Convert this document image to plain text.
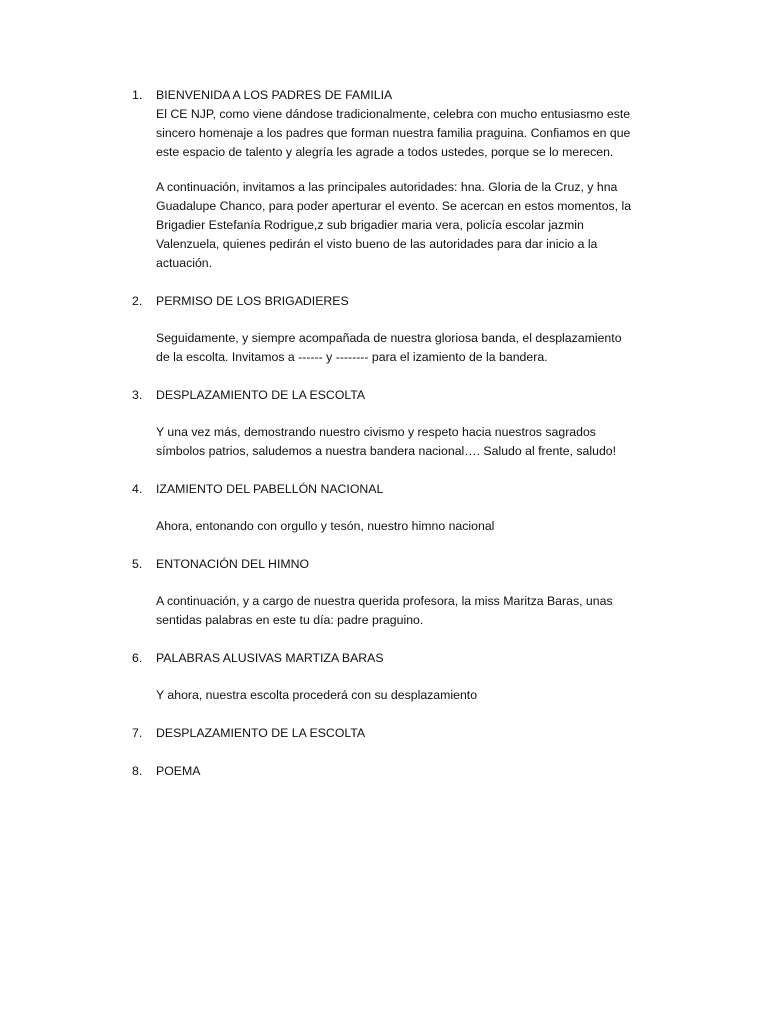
1.	BIENVENIDA A LOS PADRES DE FAMILIA
El CE NJP, como viene dándose tradicionalmente, celebra con mucho entusiasmo este
sincero homenaje a los padres que forman nuestra familia praguina. Confiamos en que
este espacio de talento y alegría les agrade a todos ustedes, porque se lo merecen.
A continuación, invitamos a las principales autoridades: hna. Gloria de la Cruz, y hna
Guadalupe Chanco, para poder aperturar el evento. Se acercan en estos momentos, la
Brigadier Estefanía Rodrigue,z sub brigadier maria vera, policía escolar jazmin
Valenzuela, quienes pedirán el visto bueno de las autoridades para dar inicio a la
actuación.
2.	PERMISO DE LOS BRIGADIERES
Seguidamente, y siempre acompañada de nuestra gloriosa banda, el desplazamiento
de la escolta. Invitamos a ------ y -------- para el izamiento de la bandera.
3.	DESPLAZAMIENTO DE LA ESCOLTA
Y una vez más, demostrando nuestro civismo y respeto hacia nuestros sagrados
símbolos patrios, saludemos a nuestra bandera nacional…. Saludo al frente, saludo!
4.	IZAMIENTO DEL PABELLÓN NACIONAL
Ahora, entonando con orgullo y tesón, nuestro himno nacional
5.	ENTONACIÓN DEL HIMNO
A continuación, y a cargo de nuestra querida profesora, la miss Maritza Baras, unas
sentidas palabras en este tu día: padre praguino.
6.	PALABRAS ALUSIVAS MARTIZA BARAS
Y ahora, nuestra escolta procederá con su desplazamiento
7.	DESPLAZAMIENTO DE LA ESCOLTA
8.	POEMA
